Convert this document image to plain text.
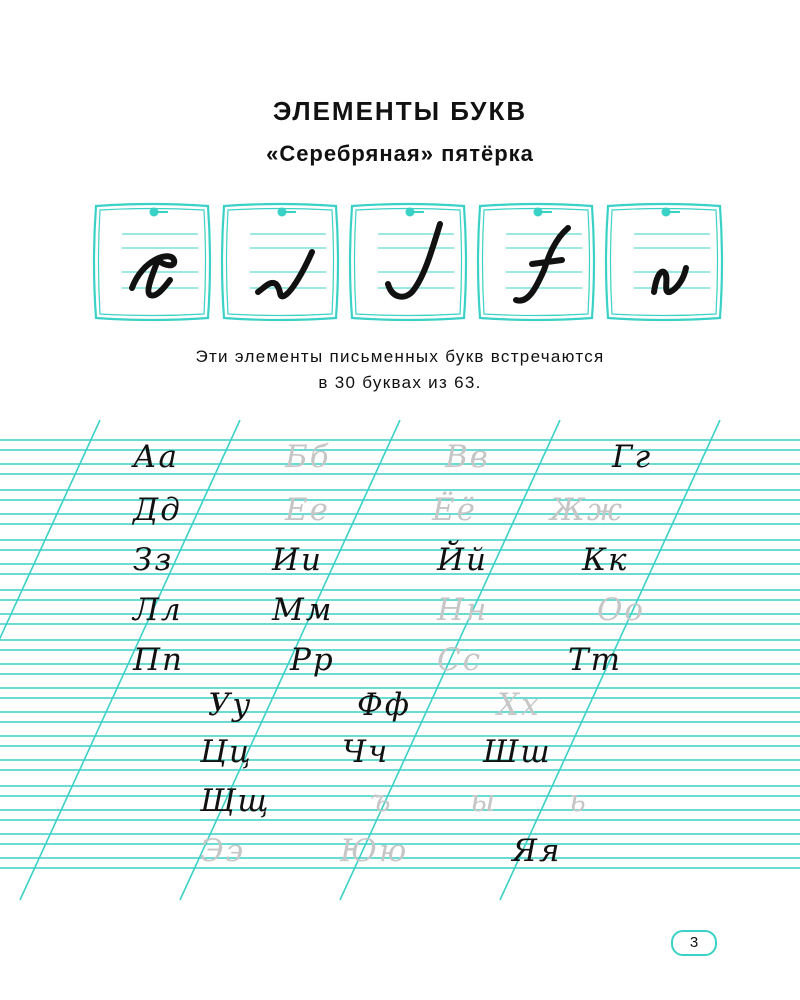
ЭЛЕМЕНТЫ БУКВ
«Серебряная» пятёрка
Эти элементы письменных букв встречаются
в 30 буквах из 63.
Аа	Бб	Вв	Гг
Дд	Ее	Ёё Жж
Зз	Ии	Йй	Кк
Лл	Мм	Нн	Оо
Пп	Рр	Сс	Тт
Уу	Фф	Хх
Цц	Чч	Шш
Щщ	ъ ы ь
Ээ	Юю	Яя
3
